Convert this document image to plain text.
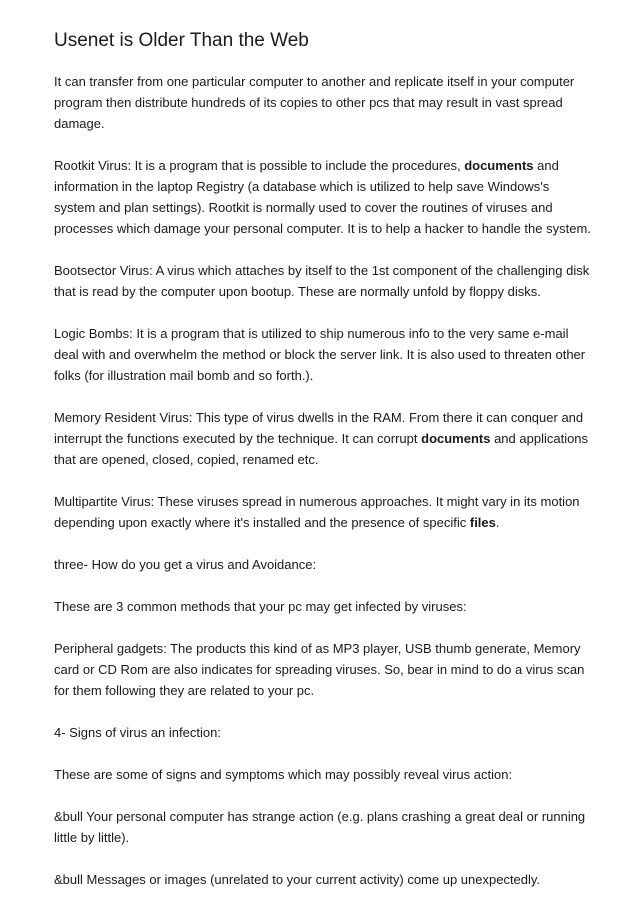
Usenet is Older Than the Web

It can transfer from one particular computer to another and replicate itself in your computer program then distribute hundreds of its copies to other pcs that may result in vast spread damage.

Rootkit Virus: It is a program that is possible to include the procedures, documents and information in the laptop Registry (a database which is utilized to help save Windows's system and plan settings). Rootkit is normally used to cover the routines of viruses and processes which damage your personal computer. It is to help a hacker to handle the system.

Bootsector Virus: A virus which attaches by itself to the 1st component of the challenging disk that is read by the computer upon bootup. These are normally unfold by floppy disks.

Logic Bombs: It is a program that is utilized to ship numerous info to the very same e-mail deal with and overwhelm the method or block the server link. It is also used to threaten other folks (for illustration mail bomb and so forth.).

Memory Resident Virus: This type of virus dwells in the RAM. From there it can conquer and interrupt the functions executed by the technique. It can corrupt documents and applications that are opened, closed, copied, renamed etc.

Multipartite Virus: These viruses spread in numerous approaches. It might vary in its motion depending upon exactly where it's installed and the presence of specific files.

three- How do you get a virus and Avoidance:

These are 3 common methods that your pc may get infected by viruses:

Peripheral gadgets: The products this kind of as MP3 player, USB thumb generate, Memory card or CD Rom are also indicates for spreading viruses. So, bear in mind to do a virus scan for them following they are related to your pc.

4- Signs of virus an infection:

These are some of signs and symptoms which may possibly reveal virus action:

&bull Your personal computer has strange action (e.g. plans crashing a great deal or running little by little).

&bull Messages or images (unrelated to your current activity) come up unexpectedly.
